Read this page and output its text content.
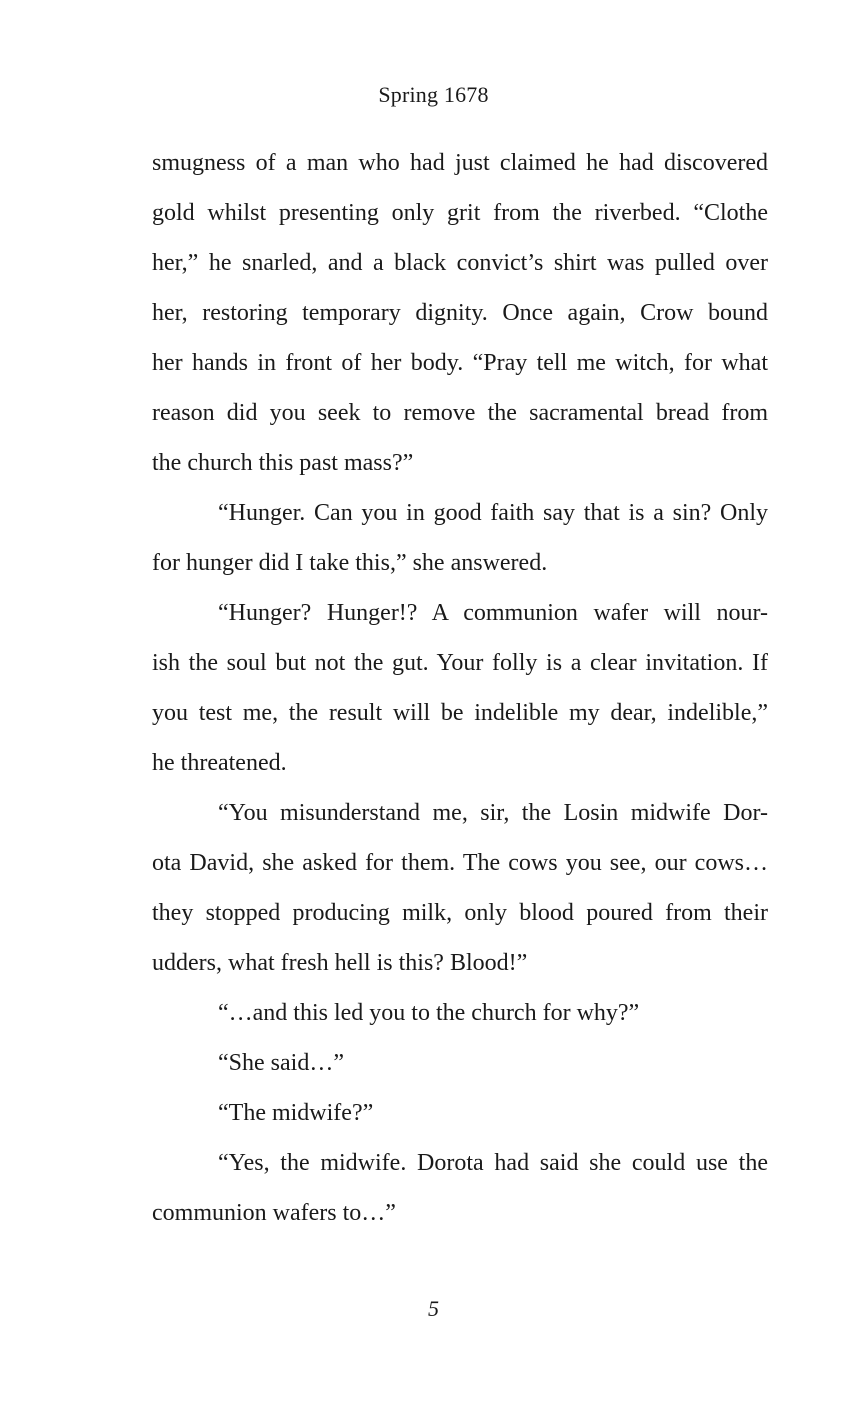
Spring 1678
smugness of a man who had just claimed he had discovered
gold whilst presenting only grit from the riverbed. “Clothe
her,” he snarled, and a black convict’s shirt was pulled over
her, restoring temporary dignity. Once again, Crow bound
her hands in front of her body. “Pray tell me witch, for what
reason did you seek to remove the sacramental bread from
the church this past mass?”
“Hunger. Can you in good faith say that is a sin? Only
for hunger did I take this,” she answered.
“Hunger? Hunger!? A communion wafer will nour-
ish the soul but not the gut. Your folly is a clear invitation. If
you test me, the result will be indelible my dear, indelible,”
he threatened.
“You misunderstand me, sir, the Losin midwife Dor-
ota David, she asked for them. The cows you see, our cows…
they stopped producing milk, only blood poured from their
udders, what fresh hell is this? Blood!”
“…and this led you to the church for why?”
“She said…”
“The midwife?”
“Yes, the midwife. Dorota had said she could use the
communion wafers to…”
5
